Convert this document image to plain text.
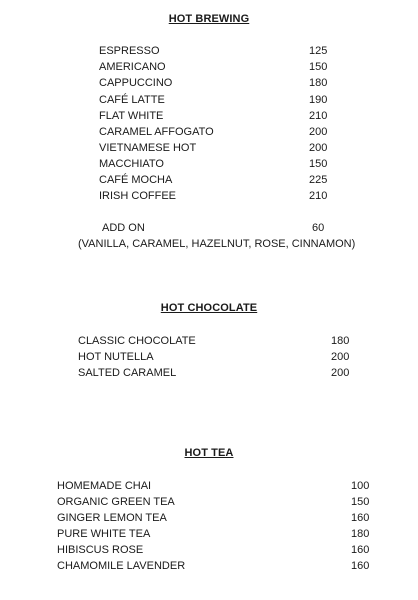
HOT BREWING
ESPRESSO	125
AMERICANO	150
CAPPUCCINO	180
CAFÉ LATTE	190
FLAT WHITE	210
CARAMEL AFFOGATO	200
VIETNAMESE HOT	200
MACCHIATO	150
CAFÉ MOCHA	225
IRISH COFFEE	210
ADD ON	60
(VANILLA, CARAMEL, HAZELNUT, ROSE, CINNAMON)
HOT CHOCOLATE
CLASSIC CHOCOLATE	180
HOT NUTELLA	200
SALTED CARAMEL	200
HOT TEA
HOMEMADE CHAI	100
ORGANIC GREEN TEA	150
GINGER LEMON TEA	160
PURE WHITE TEA	180
HIBISCUS ROSE	160
CHAMOMILE LAVENDER	160
